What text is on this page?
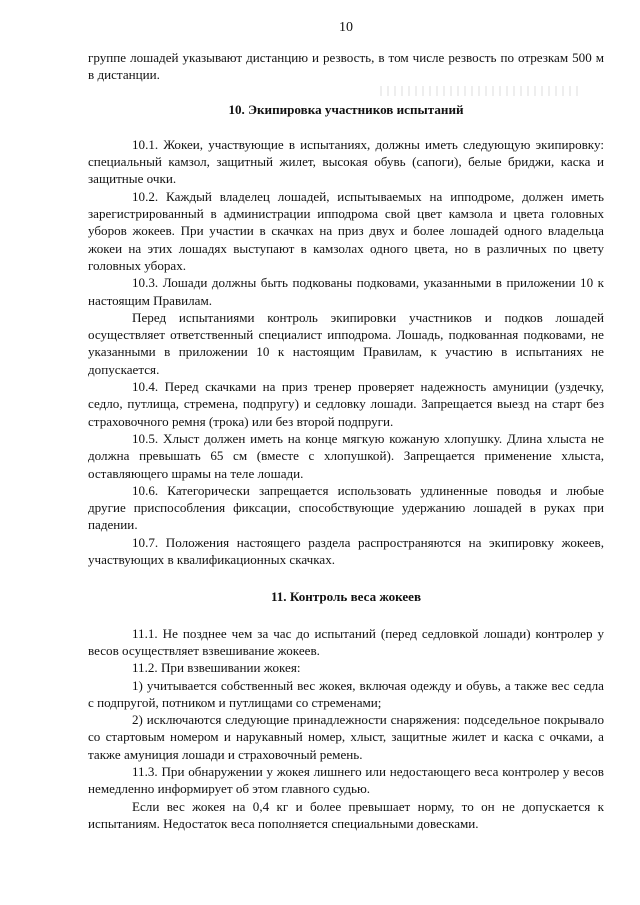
10

группе лошадей указывают дистанцию и резвость, в том числе резвость по отрезкам 500 м в дистанции.

10. Экипировка участников испытаний

10.1. Жокеи, участвующие в испытаниях, должны иметь следующую экипировку: специальный камзол, защитный жилет, высокая обувь (сапоги), белые бриджи, каска и защитные очки.

10.2. Каждый владелец лошадей, испытываемых на ипподроме, должен иметь зарегистрированный в администрации ипподрома свой цвет камзола и цвета головных уборов жокеев. При участии в скачках на приз двух и более лошадей одного владельца жокеи на этих лошадях выступают в камзолах одного цвета, но в различных по цвету головных уборах.

10.3. Лошади должны быть подкованы подковами, указанными в приложении 10 к настоящим Правилам.

Перед испытаниями контроль экипировки участников и подков лошадей осуществляет ответственный специалист ипподрома. Лошадь, подкованная подковами, не указанными в приложении 10 к настоящим Правилам, к участию в испытаниях не допускается.

10.4. Перед скачками на приз тренер проверяет надежность амуниции (уздечку, седло, путлища, стремена, подпругу) и седловку лошади. Запрещается выезд на старт без страховочного ремня (трока) или без второй подпруги.

10.5. Хлыст должен иметь на конце мягкую кожаную хлопушку. Длина хлыста не должна превышать 65 см (вместе с хлопушкой). Запрещается применение хлыста, оставляющего шрамы на теле лошади.

10.6. Категорически запрещается использовать удлиненные поводья и любые другие приспособления фиксации, способствующие удержанию лошадей в руках при падении.

10.7. Положения настоящего раздела распространяются на экипировку жокеев, участвующих в квалификационных скачках.

11. Контроль веса жокеев

11.1. Не позднее чем за час до испытаний (перед седловкой лошади) контролер у весов осуществляет взвешивание жокеев.

11.2. При взвешивании жокея:

1) учитывается собственный вес жокея, включая одежду и обувь, а также вес седла с подпругой, потником и путлищами со стременами;

2) исключаются следующие принадлежности снаряжения: подседельное покрывало со стартовым номером и нарукавный номер, хлыст, защитные жилет и каска с очками, а также амуниция лошади и страховочный ремень.

11.3. При обнаружении у жокея лишнего или недостающего веса контролер у весов немедленно информирует об этом главного судью.

Если вес жокея на 0,4 кг и более превышает норму, то он не допускается к испытаниям. Недостаток веса пополняется специальными довесками.
